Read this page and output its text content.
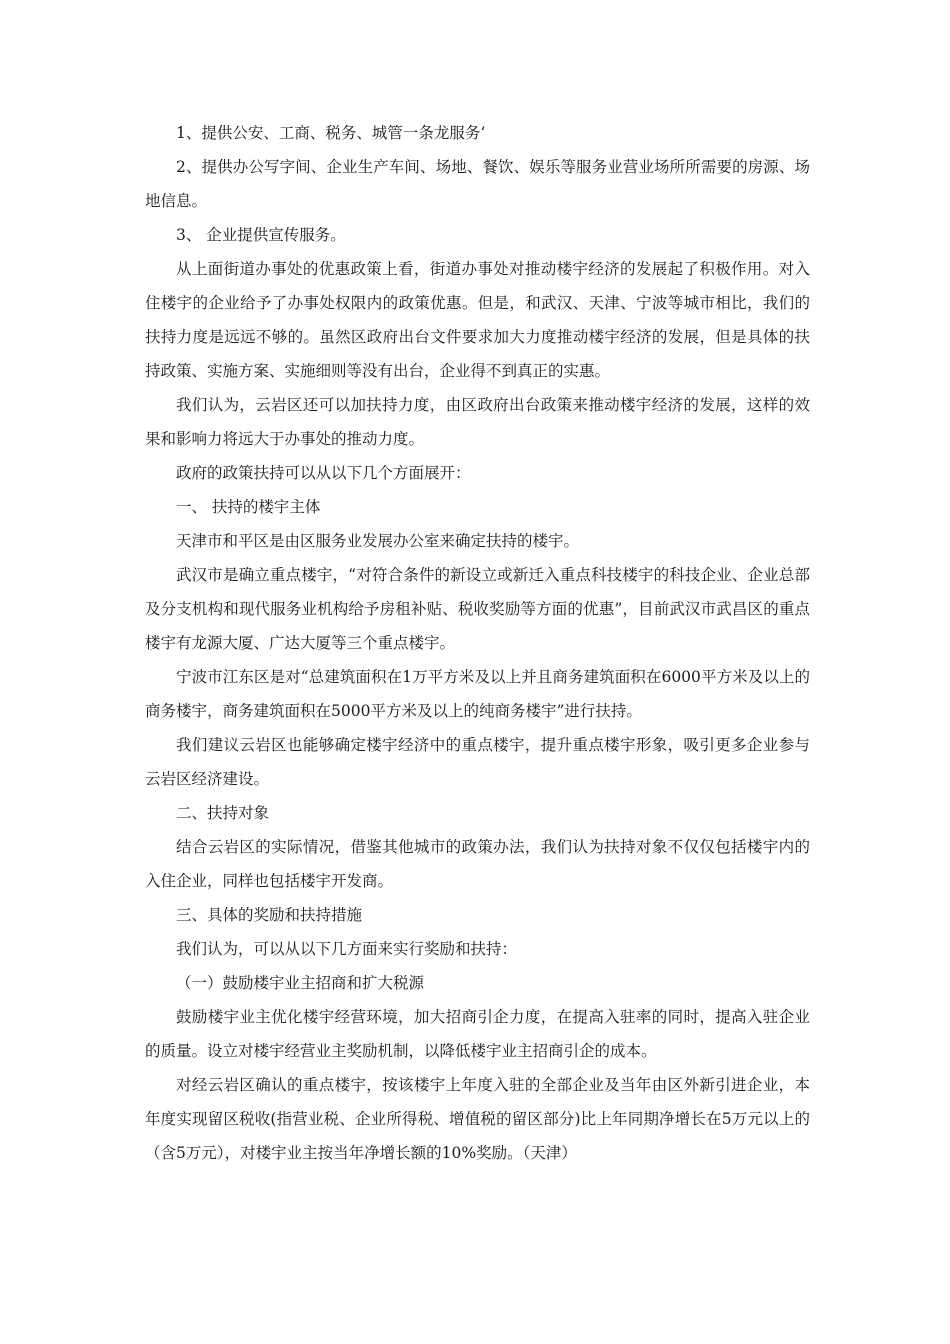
1、提供公安、工商、税务、城管一条龙服务‘

2、提供办公写字间、企业生产车间、场地、餐饮、娱乐等服务业营业场所所需要的房源、场地信息。

3、 企业提供宣传服务。

从上面街道办事处的优惠政策上看，街道办事处对推动楼宇经济的发展起了积极作用。对入住楼宇的企业给予了办事处权限内的政策优惠。但是，和武汉、天津、宁波等城市相比，我们的扶持力度是远远不够的。虽然区政府出台文件要求加大力度推动楼宇经济的发展，但是具体的扶持政策、实施方案、实施细则等没有出台，企业得不到真正的实惠。

我们认为，云岩区还可以加扶持力度，由区政府出台政策来推动楼宇经济的发展，这样的效果和影响力将远大于办事处的推动力度。

政府的政策扶持可以从以下几个方面展开：

一、 扶持的楼宇主体

天津市和平区是由区服务业发展办公室来确定扶持的楼宇。

武汉市是确立重点楼宇，“对符合条件的新设立或新迁入重点科技楼宇的科技企业、企业总部及分支机构和现代服务业机构给予房租补贴、税收奖励等方面的优惠”，目前武汉市武昌区的重点楼宇有龙源大厦、广达大厦等三个重点楼宇。

宁波市江东区是对“总建筑面积在1万平方米及以上并且商务建筑面积在6000平方米及以上的商务楼宇，商务建筑面积在5000平方米及以上的纯商务楼宇”进行扶持。

我们建议云岩区也能够确定楼宇经济中的重点楼宇，提升重点楼宇形象，吸引更多企业参与云岩区经济建设。

二、扶持对象

结合云岩区的实际情况，借鉴其他城市的政策办法，我们认为扶持对象不仅仅包括楼宇内的入住企业，同样也包括楼宇开发商。

三、具体的奖励和扶持措施

我们认为，可以从以下几方面来实行奖励和扶持：

（一）鼓励楼宇业主招商和扩大税源

鼓励楼宇业主优化楼宇经营环境，加大招商引企力度，在提高入驻率的同时，提高入驻企业的质量。设立对楼宇经营业主奖励机制，以降低楼宇业主招商引企的成本。

对经云岩区确认的重点楼宇，按该楼宇上年度入驻的全部企业及当年由区外新引进企业，本年度实现留区税收(指营业税、企业所得税、增值税的留区部分)比上年同期净增长在5万元以上的（含5万元），对楼宇业主按当年净增长额的10%奖励。（天津）
